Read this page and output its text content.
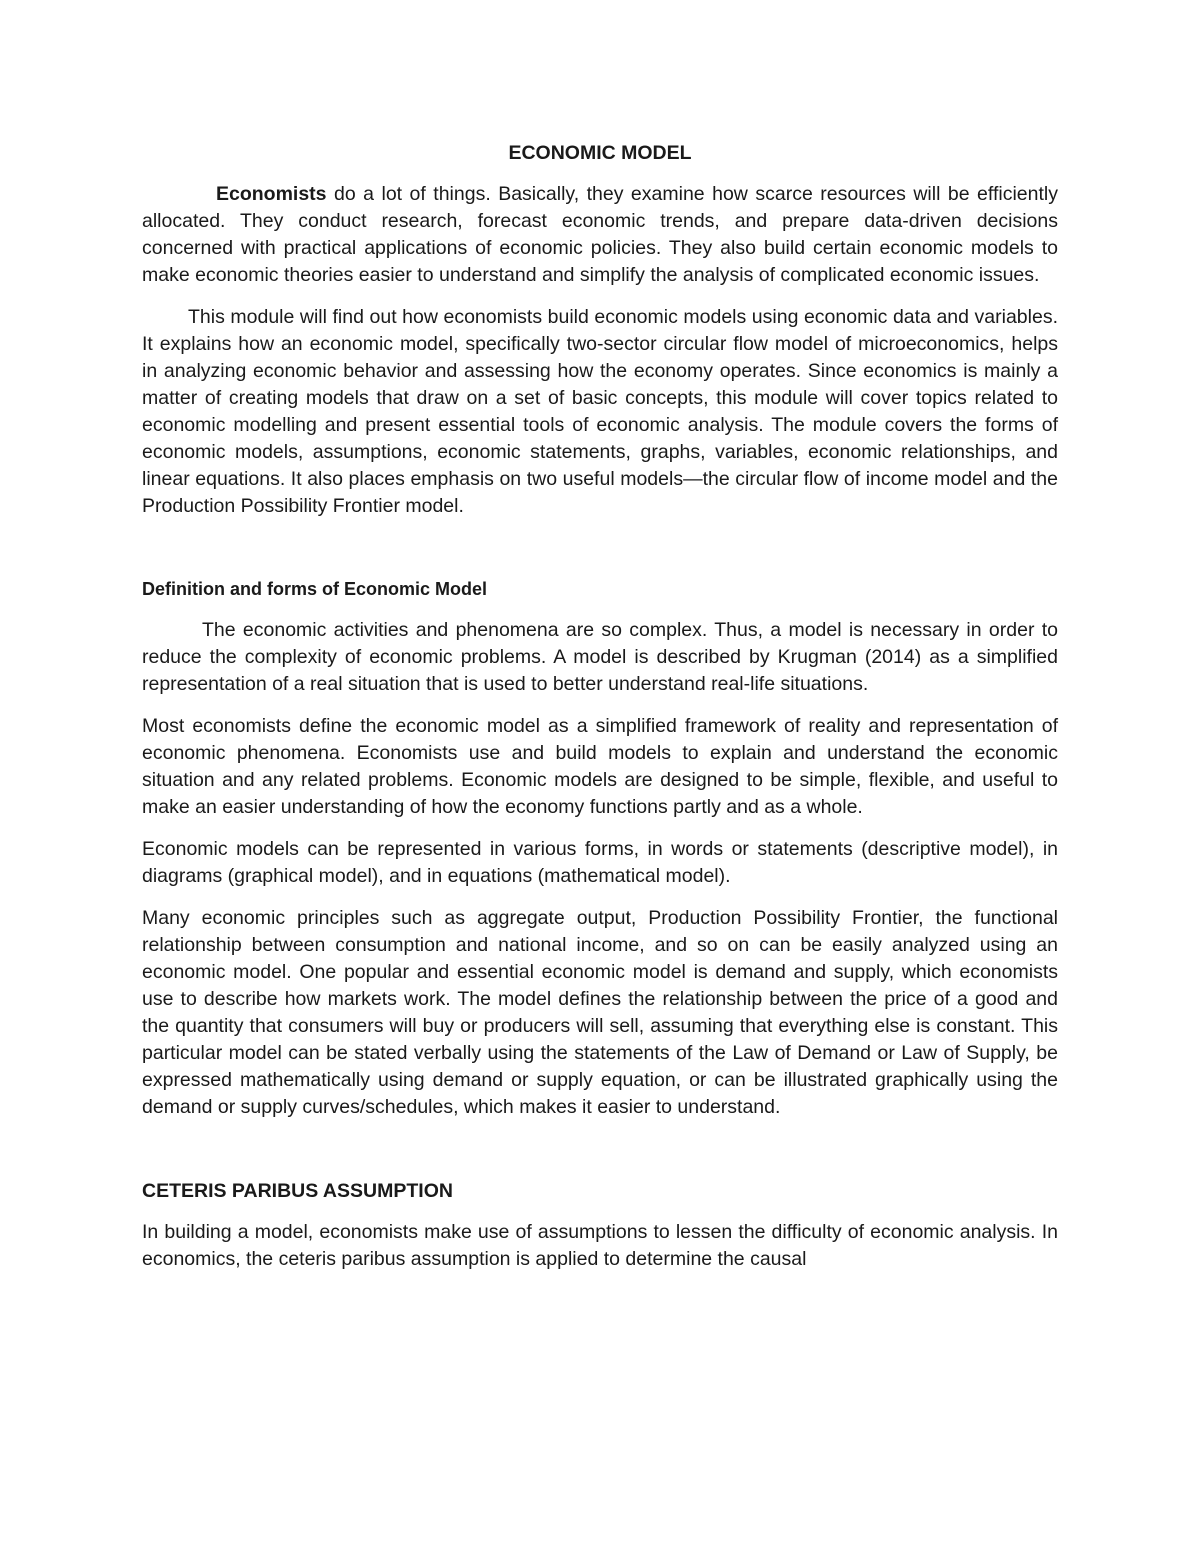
ECONOMIC MODEL

Economists do a lot of things. Basically, they examine how scarce resources will be efficiently allocated. They conduct research, forecast economic trends, and prepare data-driven decisions concerned with practical applications of economic policies. They also build certain economic models to make economic theories easier to understand and simplify the analysis of complicated economic issues.

This module will find out how economists build economic models using economic data and variables. It explains how an economic model, specifically two-sector circular flow model of microeconomics, helps in analyzing economic behavior and assessing how the economy operates. Since economics is mainly a matter of creating models that draw on a set of basic concepts, this module will cover topics related to economic modelling and present essential tools of economic analysis. The module covers the forms of economic models, assumptions, economic statements, graphs, variables, economic relationships, and linear equations. It also places emphasis on two useful models—the circular flow of income model and the Production Possibility Frontier model.

Definition and forms of Economic Model

The economic activities and phenomena are so complex. Thus, a model is necessary in order to reduce the complexity of economic problems. A model is described by Krugman (2014) as a simplified representation of a real situation that is used to better understand real-life situations.

Most economists define the economic model as a simplified framework of reality and representation of economic phenomena. Economists use and build models to explain and understand the economic situation and any related problems. Economic models are designed to be simple, flexible, and useful to make an easier understanding of how the economy functions partly and as a whole.

Economic models can be represented in various forms, in words or statements (descriptive model), in diagrams (graphical model), and in equations (mathematical model).

Many economic principles such as aggregate output, Production Possibility Frontier, the functional relationship between consumption and national income, and so on can be easily analyzed using an economic model. One popular and essential economic model is demand and supply, which economists use to describe how markets work. The model defines the relationship between the price of a good and the quantity that consumers will buy or producers will sell, assuming that everything else is constant. This particular model can be stated verbally using the statements of the Law of Demand or Law of Supply, be expressed mathematically using demand or supply equation, or can be illustrated graphically using the demand or supply curves/schedules, which makes it easier to understand.

CETERIS PARIBUS ASSUMPTION

In building a model, economists make use of assumptions to lessen the difficulty of economic analysis. In economics, the ceteris paribus assumption is applied to determine the causal
